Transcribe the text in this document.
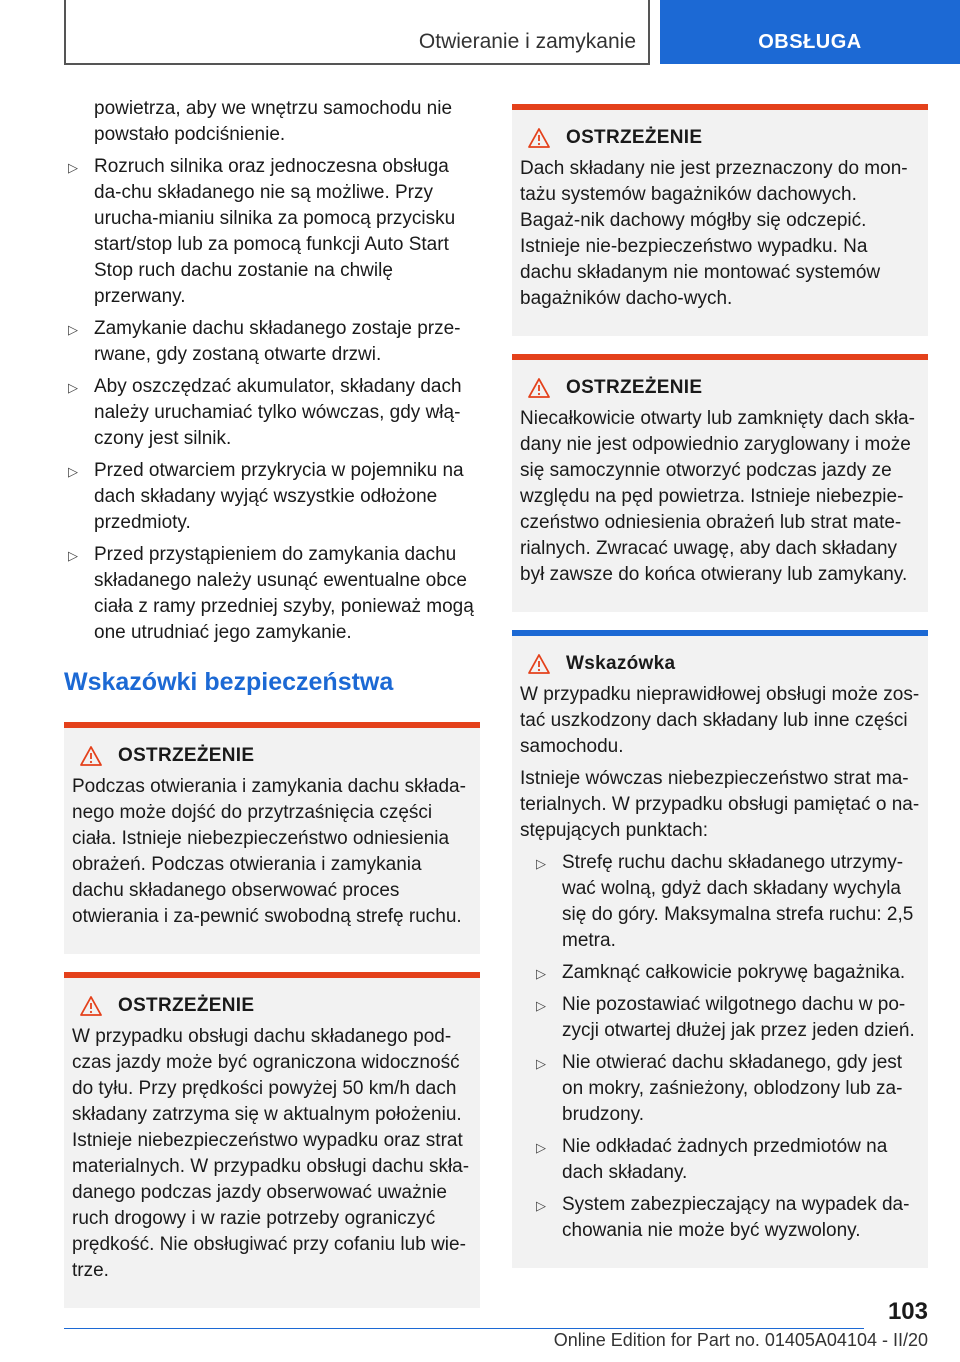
Otwieranie i zamykanie	OBSŁUGA
powietrza, aby we wnętrzu samochodu nie powstało podciśnienie.
▷ Rozruch silnika oraz jednoczesna obsługa da-chu składanego nie są możliwe. Przy urucha-mianiu silnika za pomocą przycisku start/stop lub za pomocą funkcji Auto Start Stop ruch dachu zostanie na chwilę przerwany.
▷ Zamykanie dachu składanego zostaje prze-rwane, gdy zostaną otwarte drzwi.
▷ Aby oszczędzać akumulator, składany dach należy uruchamiać tylko wówczas, gdy włą-czony jest silnik.
▷ Przed otwarciem przykrycia w pojemniku na dach składany wyjąć wszystkie odłożone przedmioty.
▷ Przed przystąpieniem do zamykania dachu składanego należy usunąć ewentualne obce ciała z ramy przedniej szyby, ponieważ mogą one utrudniać jego zamykanie.
Wskazówki bezpieczeństwa
OSTRZEŻENIE

Podczas otwierania i zamykania dachu składa-nego może dojść do przytrzaśnięcia części ciała. Istnieje niebezpieczeństwo odniesienia obrażeń. Podczas otwierania i zamykania dachu składanego obserwować proces otwierania i za-pewnić swobodną strefę ruchu.

OSTRZEŻENIE

W przypadku obsługi dachu składanego pod-czas jazdy może być ograniczona widoczność do tyłu. Przy prędkości powyżej 50 km/h dach składany zatrzyma się w aktualnym położeniu. Istnieje niebezpieczeństwo wypadku oraz strat materialnych. W przypadku obsługi dachu skła-danego podczas jazdy obserwować uważnie ruch drogowy i w razie potrzeby ograniczyć prędkość. Nie obsługiwać przy cofaniu lub wie-trze.

OSTRZEŻENIE

Dach składany nie jest przeznaczony do mon-tażu systemów bagażników dachowych. Bagaż-nik dachowy mógłby się odczepić. Istnieje nie-bezpieczeństwo wypadku. Na dachu składanym nie montować systemów bagażników dacho-wych.

OSTRZEŻENIE

Niecałkowicie otwarty lub zamknięty dach skła-dany nie jest odpowiednio zaryglowany i może się samoczynnie otworzyć podczas jazdy ze względu na pęd powietrza. Istnieje niebezpie-czeństwo odniesienia obrażeń lub strat mate-rialnych. Zwracać uwagę, aby dach składany był zawsze do końca otwierany lub zamykany.

Wskazówka

W przypadku nieprawidłowej obsługi może zos-tać uszkodzony dach składany lub inne części samochodu.

Istnieje wówczas niebezpieczeństwo strat ma-terialnych. W przypadku obsługi pamiętać o na-stępujących punktach:

▷ Strefę ruchu dachu składanego utrzymy-wać wolną, gdyż dach składany wychyla się do góry. Maksymalna strefa ruchu: 2,5 metra.
▷ Zamknąć całkowicie pokrywę bagażnika.
▷ Nie pozostawiać wilgotnego dachu w po-zycji otwartej dłużej jak przez jeden dzień.
▷ Nie otwierać dachu składanego, gdy jest on mokry, zaśnieżony, oblodzony lub za-brudzony.
▷ Nie odkładać żadnych przedmiotów na dach składany.
▷ System zabezpieczający na wypadek da-chowania nie może być wyzwolony.
103
Online Edition for Part no. 01405A04104 - II/20
